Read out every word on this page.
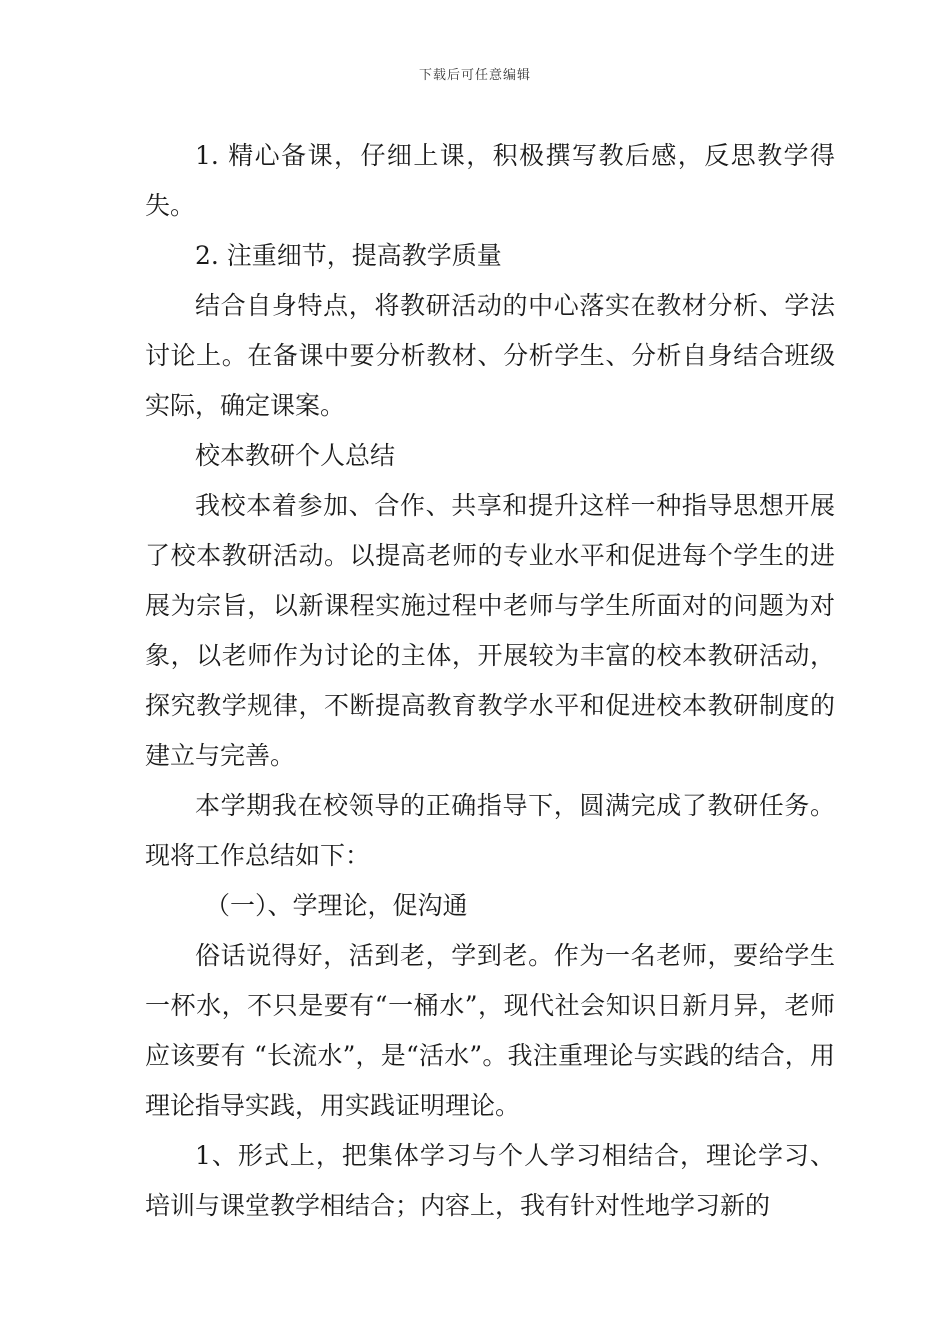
下载后可任意编辑

1. 精心备课，仔细上课，积极撰写教后感，反思教学得失。

2. 注重细节，提高教学质量

结合自身特点，将教研活动的中心落实在教材分析、学法讨论上。在备课中要分析教材、分析学生、分析自身结合班级实际，确定课案。

校本教研个人总结

我校本着参加、合作、共享和提升这样一种指导思想开展了校本教研活动。以提高老师的专业水平和促进每个学生的进展为宗旨，以新课程实施过程中老师与学生所面对的问题为对象，以老师作为讨论的主体，开展较为丰富的校本教研活动，探究教学规律，不断提高教育教学水平和促进校本教研制度的建立与完善。

本学期我在校领导的正确指导下，圆满完成了教研任务。现将工作总结如下：

（一）、学理论，促沟通

俗话说得好，活到老，学到老。作为一名老师，要给学生一杯水，不只是要有“一桶水”，现代社会知识日新月异，老师应该要有 “长流水”，是“活水”。我注重理论与实践的结合，用理论指导实践，用实践证明理论。

1、形式上，把集体学习与个人学习相结合，理论学习、培训与课堂教学相结合；内容上，我有针对性地学习新的
